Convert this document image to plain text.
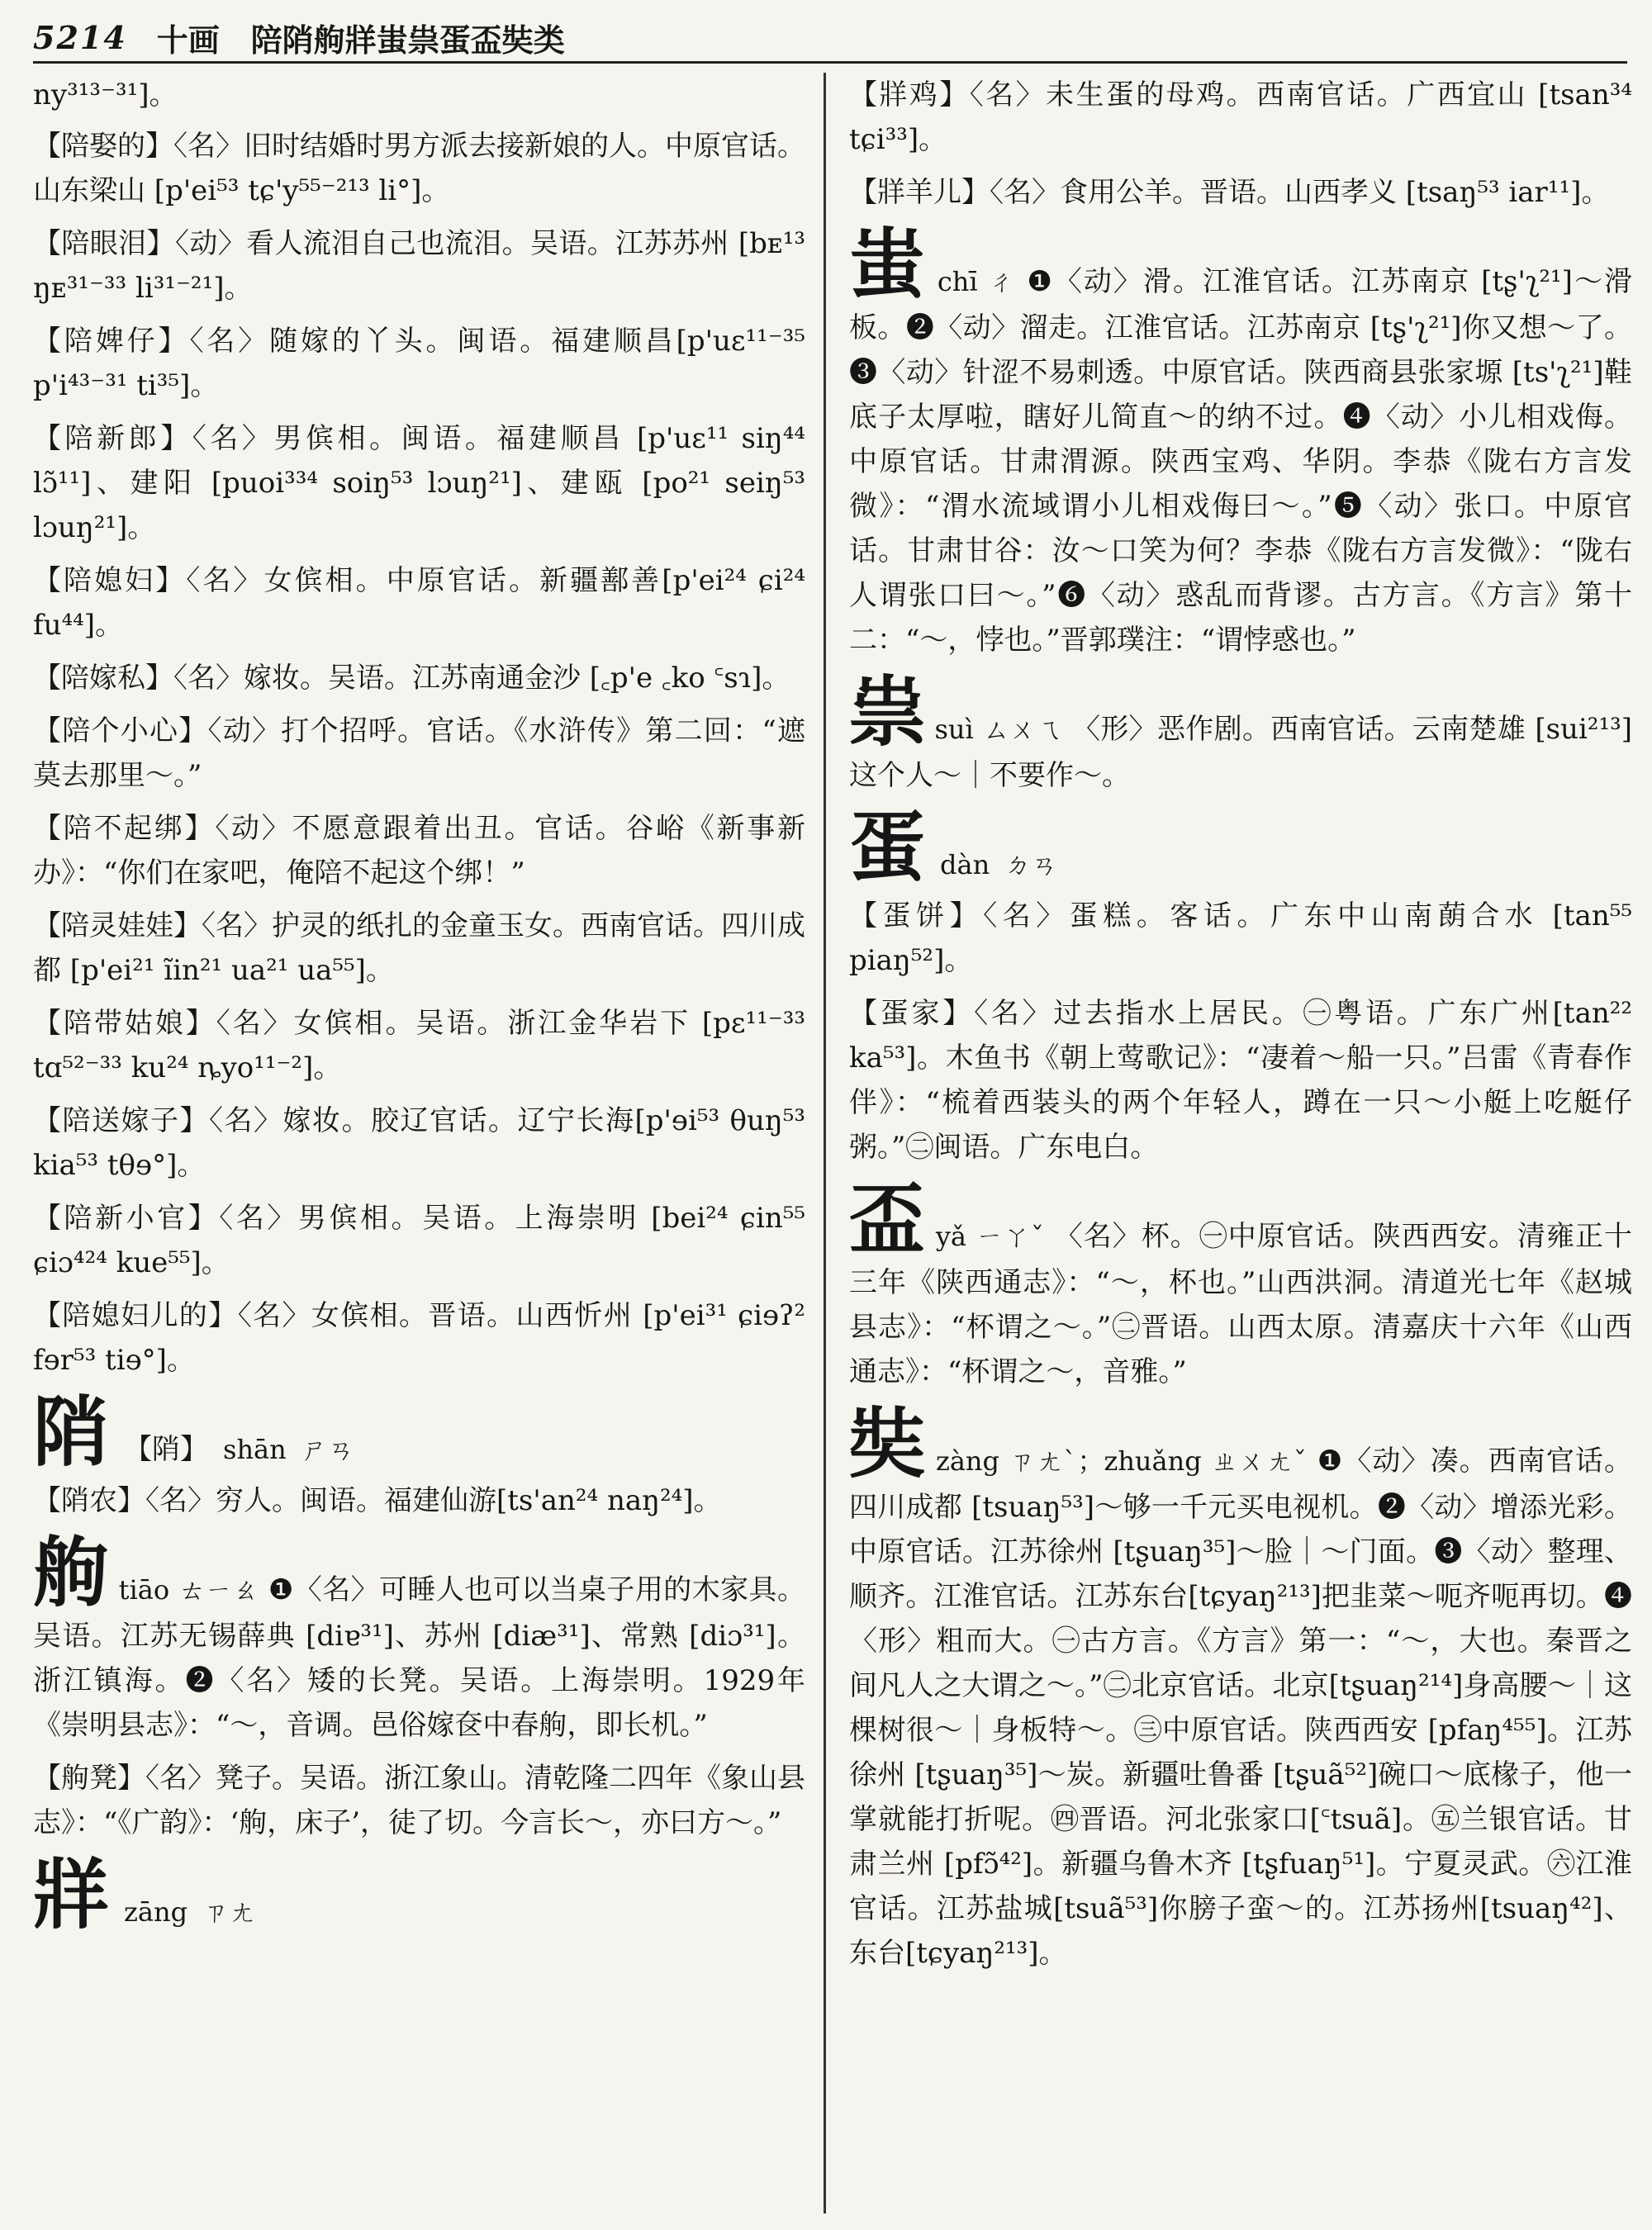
5214 十画　陪陗䑦牂蚩祟蛋盃奘类

ny³¹³⁻³¹]。

【陪娶的】〈名〉旧时结婚时男方派去接新娘的人。中原官话。山东梁山 [p'ei⁵³ tɕ'y⁵⁵⁻²¹³ li°]。

【陪眼泪】〈动〉看人流泪自己也流泪。吴语。江苏苏州 [bᴇ¹³ ŋᴇ³¹⁻³³ li³¹⁻²¹]。

【陪婢仔】〈名〉随嫁的丫头。闽语。福建顺昌[p'uɛ¹¹⁻³⁵ p'i⁴³⁻³¹ ti³⁵]。

【陪新郎】〈名〉男傧相。闽语。福建顺昌 [p'uɛ¹¹ siŋ⁴⁴ lɔ̃¹¹]、建阳 [puoi³³⁴ soiŋ⁵³ lɔuŋ²¹]、建瓯 [po²¹ seiŋ⁵³ lɔuŋ²¹]。

【陪媳妇】〈名〉女傧相。中原官话。新疆鄯善[p'ei²⁴ ɕi²⁴ fu⁴⁴]。

【陪嫁私】〈名〉嫁妆。吴语。江苏南通金沙 [꜀p'e ꜀ko ꜂sɿ]。

【陪个小心】〈动〉打个招呼。官话。《水浒传》第二回：“遮莫去那里～。”

【陪不起绑】〈动〉不愿意跟着出丑。官话。谷峪《新事新办》：“你们在家吧，俺陪不起这个绑！”

【陪灵娃娃】〈名〉护灵的纸扎的金童玉女。西南官话。四川成都 [p'ei²¹ ĩin²¹ ua²¹ ua⁵⁵]。

【陪带姑娘】〈名〉女傧相。吴语。浙江金华岩下 [pɛ¹¹⁻³³ tɑ⁵²⁻³³ ku²⁴ ȵyo¹¹⁻²]。

【陪送嫁子】〈名〉嫁妆。胶辽官话。辽宁长海[p'ɘi⁵³ θuŋ⁵³ kia⁵³ tθɘ°]。

【陪新小官】〈名〉男傧相。吴语。上海崇明 [bei²⁴ ɕin⁵⁵ ɕiɔ⁴²⁴ kue⁵⁵]。

【陪媳妇儿的】〈名〉女傧相。晋语。山西忻州 [p'ei³¹ ɕiɘʔ² fɘr⁵³ tiɘ°]。

陗 【陗】 shān ㄕㄢ

【陗农】〈名〉穷人。闽语。福建仙游[ts'an²⁴ naŋ²⁴]。

䑦 tiāo ㄊㄧㄠ ❶〈名〉可睡人也可以当桌子用的木家具。吴语。江苏无锡薛典 [diɐ³¹]、苏州 [diæ³¹]、常熟 [diɔ³¹]。浙江镇海。❷〈名〉矮的长凳。吴语。上海崇明。1929年《崇明县志》：“～，音调。邑俗嫁奁中春䑦，即长机。”

【䑦凳】〈名〉凳子。吴语。浙江象山。清乾隆二四年《象山县志》：“《广韵》：‘䑦，床子’，徒了切。今言长～，亦曰方～。”

牂 zāng ㄗㄤ

【牂鸡】〈名〉未生蛋的母鸡。西南官话。广西宜山 [tsan³⁴ tɕi³³]。

【牂羊儿】〈名〉食用公羊。晋语。山西孝义 [tsaŋ⁵³ iar¹¹]。

蚩 chī ㄔ ❶〈动〉滑。江淮官话。江苏南京 [tʂ'ʅ²¹]～滑板。❷〈动〉溜走。江淮官话。江苏南京 [tʂ'ʅ²¹]你又想～了。❸〈动〉针涩不易刺透。中原官话。陕西商县张家塬 [ts'ʅ²¹]鞋底子太厚啦，瞎好儿简直～的纳不过。❹〈动〉小儿相戏侮。中原官话。甘肃渭源。陕西宝鸡、华阴。李恭《陇右方言发微》：“渭水流域谓小儿相戏侮曰～。”❺〈动〉张口。中原官话。甘肃甘谷：汝～口笑为何？李恭《陇右方言发微》：“陇右人谓张口曰～。”❻〈动〉惑乱而背谬。古方言。《方言》第十二：“～，悖也。”晋郭璞注：“谓悖惑也。”
祟 suì ㄙㄨㄟ 〈形〉恶作剧。西南官话。云南楚雄 [sui²¹³]这个人～｜不要作～。
蛋 dàn ㄉㄢ

【蛋饼】〈名〉蛋糕。客话。广东中山南蓢合水 [tan⁵⁵ piaŋ⁵²]。

【蛋家】〈名〉过去指水上居民。㊀粤语。广东广州[tan²² ka⁵³]。木鱼书《朝上莺歌记》：“凄着～船一只。”吕雷《青春作伴》：“梳着西装头的两个年轻人，蹲在一只～小艇上吃艇仔粥。”㊁闽语。广东电白。

盃 yǎ ㄧㄚˇ 〈名〉杯。㊀中原官话。陕西西安。清雍正十三年《陕西通志》：“～，杯也。”山西洪洞。清道光七年《赵城县志》：“杯谓之～。”㊁晋语。山西太原。清嘉庆十六年《山西通志》：“杯谓之～，音雅。”
奘 zàng ㄗㄤˋ；zhuǎng ㄓㄨㄤˇ ❶〈动〉凑。西南官话。四川成都 [tsuaŋ⁵³]～够一千元买电视机。❷〈动〉增添光彩。中原官话。江苏徐州 [tʂuaŋ³⁵]～脸｜～门面。❸〈动〉整理、顺齐。江淮官话。江苏东台[tɕyaŋ²¹³]把韭菜～呃齐呃再切。❹〈形〉粗而大。㊀古方言。《方言》第一：“～，大也。秦晋之间凡人之大谓之～。”㊁北京官话。北京[tʂuaŋ²¹⁴]身高腰～｜这棵树很～｜身板特～。㊂中原官话。陕西西安 [pfaŋ⁴⁵⁵]。江苏徐州 [tʂuaŋ³⁵]～炭。新疆吐鲁番 [tʂuã⁵²]碗口～底椽子，他一掌就能打折呢。㊃晋语。河北张家口[꜂tsuã]。㊄兰银官话。甘肃兰州 [pfɔ̃⁴²]。新疆乌鲁木齐 [tʂfuaŋ⁵¹]。宁夏灵武。㊅江淮官话。江苏盐城[tsuã⁵³]你膀子蛮～的。江苏扬州[tsuaŋ⁴²]、东台[tɕyaŋ²¹³]。
